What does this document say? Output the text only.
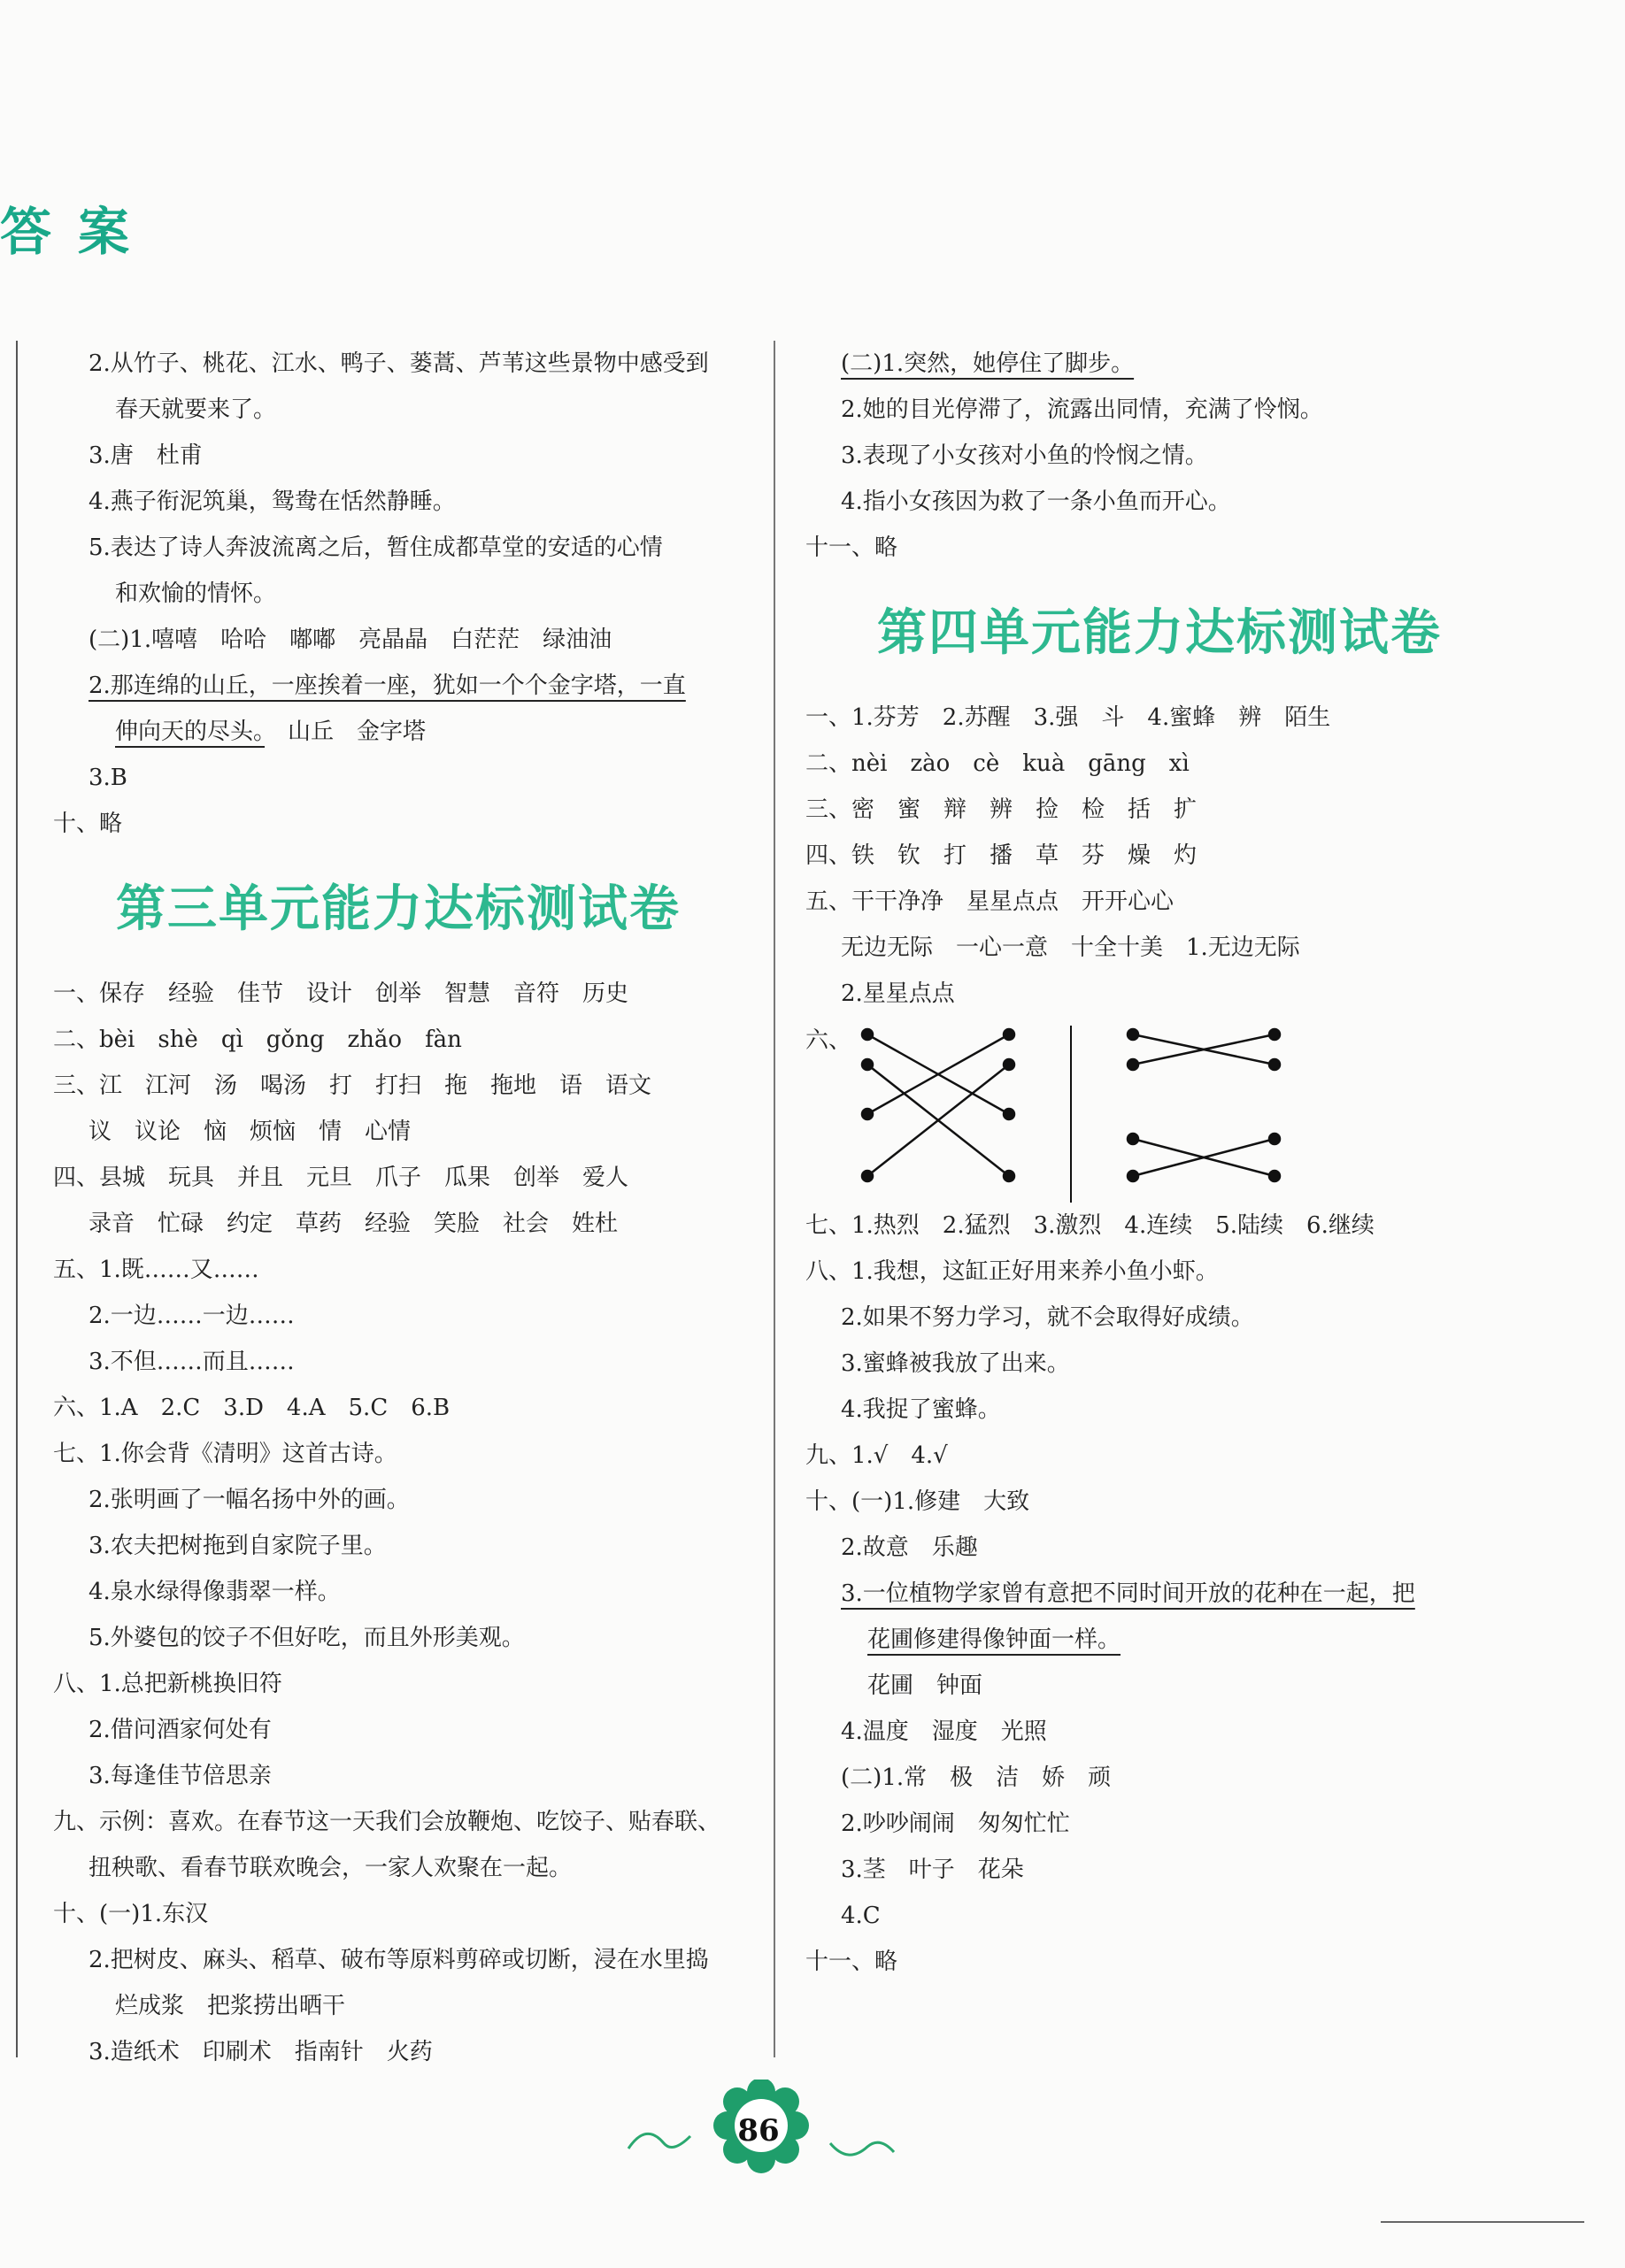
答案
2.从竹子、桃花、江水、鸭子、蒌蒿、芦苇这些景物中感受到
春天就要来了。
3.唐　杜甫
4.燕子衔泥筑巢，鸳鸯在恬然静睡。
5.表达了诗人奔波流离之后，暂住成都草堂的安适的心情
和欢愉的情怀。
(二)1.嘻嘻　哈哈　嘟嘟　亮晶晶　白茫茫　绿油油
2.那连绵的山丘，一座挨着一座，犹如一个个金字塔，一直
伸向天的尽头。　山丘　金字塔
3.B
十、略
第三单元能力达标测试卷
一、保存　经验　佳节　设计　创举　智慧　音符　历史
二、bèi　shè　qì　gǒng　zhǎo　fàn
三、江　江河　汤　喝汤　打　打扫　拖　拖地　语　语文
议　议论　恼　烦恼　情　心情
四、县城　玩具　并且　元旦　爪子　瓜果　创举　爱人
录音　忙碌　约定　草药　经验　笑脸　社会　姓杜
五、1.既……又……
2.一边……一边……
3.不但……而且……
六、1.A　2.C　3.D　4.A　5.C　6.B
七、1.你会背《清明》这首古诗。
2.张明画了一幅名扬中外的画。
3.农夫把树拖到自家院子里。
4.泉水绿得像翡翠一样。
5.外婆包的饺子不但好吃，而且外形美观。
八、1.总把新桃换旧符
2.借问酒家何处有
3.每逢佳节倍思亲
九、示例：喜欢。在春节这一天我们会放鞭炮、吃饺子、贴春联、
扭秧歌、看春节联欢晚会，一家人欢聚在一起。
十、(一)1.东汉
2.把树皮、麻头、稻草、破布等原料剪碎或切断，浸在水里捣
烂成浆　把浆捞出晒干
3.造纸术　印刷术　指南针　火药
(二)1.突然，她停住了脚步。
2.她的目光停滞了，流露出同情，充满了怜悯。
3.表现了小女孩对小鱼的怜悯之情。
4.指小女孩因为救了一条小鱼而开心。
十一、略
第四单元能力达标测试卷
一、1.芬芳　2.苏醒　3.强　斗　4.蜜蜂　辨　陌生
二、nèi　zào　cè　kuà　gāng　xì
三、密　蜜　辩　辨　捡　检　括　扩
四、铁　钦　打　播　草　芬　燥　灼
五、干干净净　星星点点　开开心心
无边无际　一心一意　十全十美　1.无边无际
2.星星点点
六、
七、1.热烈　2.猛烈　3.激烈　4.连续　5.陆续　6.继续
八、1.我想，这缸正好用来养小鱼小虾。
2.如果不努力学习，就不会取得好成绩。
3.蜜蜂被我放了出来。
4.我捉了蜜蜂。
九、1.√　4.√
十、(一)1.修建　大致
2.故意　乐趣
3.一位植物学家曾有意把不同时间开放的花种在一起，把
花圃修建得像钟面一样。
花圃　钟面
4.温度　湿度　光照
(二)1.常　极　洁　娇　顽
2.吵吵闹闹　匆匆忙忙
3.茎　叶子　花朵
4.C
十一、略
86
